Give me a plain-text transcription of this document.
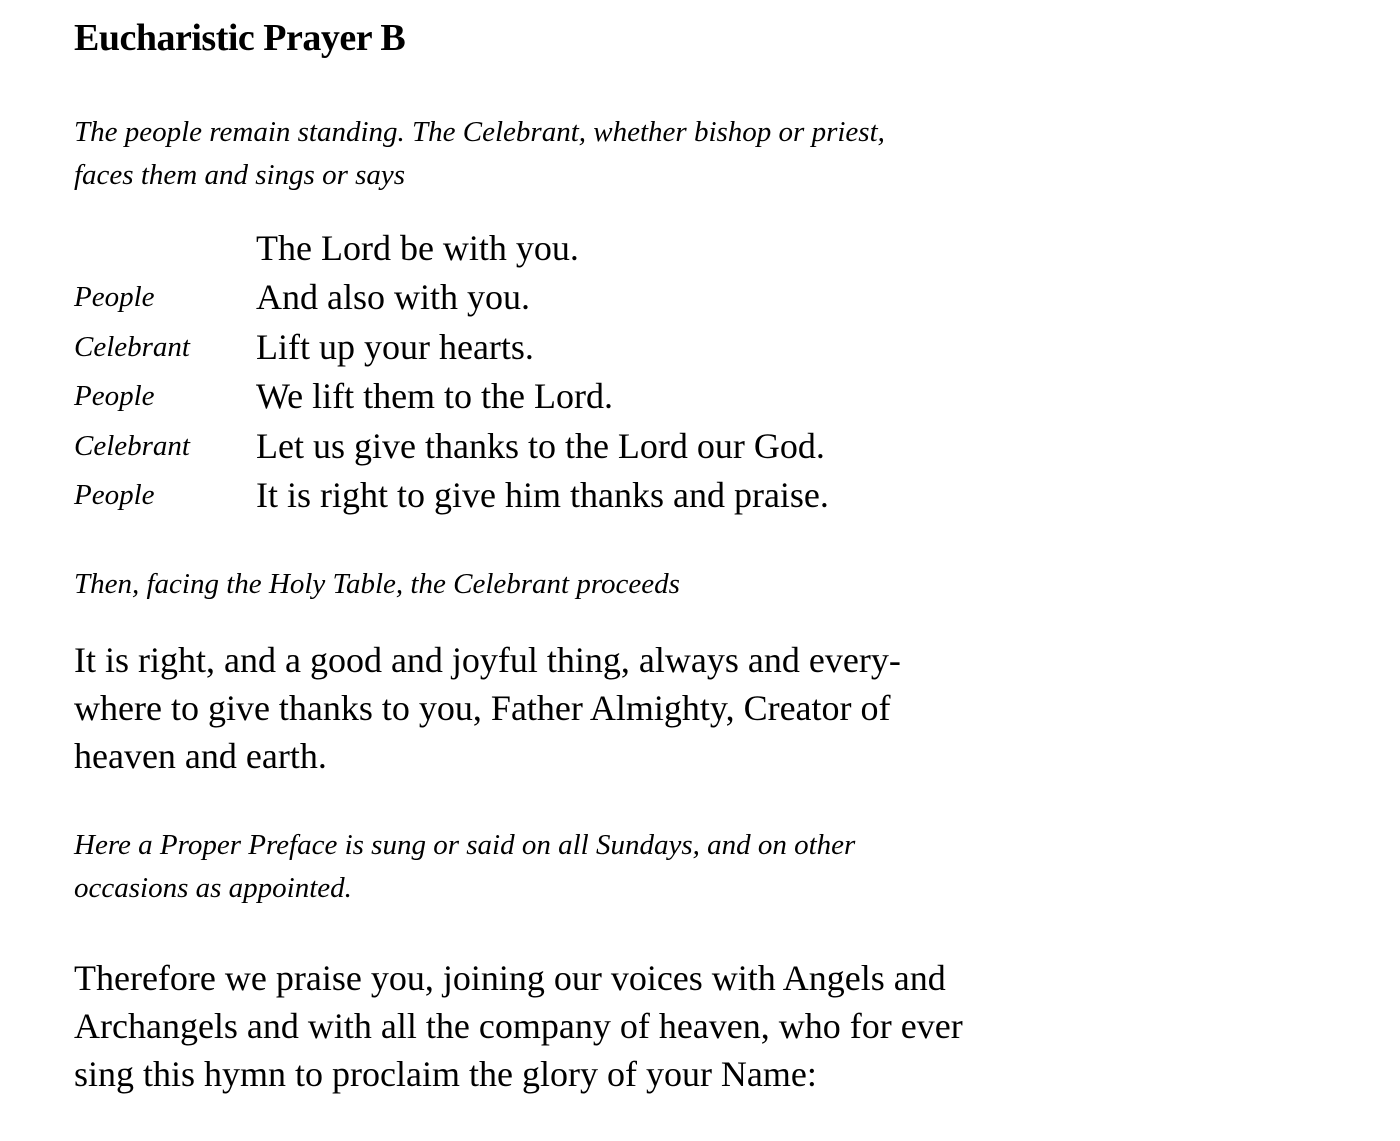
Eucharistic Prayer B
The people remain standing. The Celebrant, whether bishop or priest,
faces them and sings or says
The Lord be with you.
People	And also with you.
Celebrant Lift up your hearts.
People	We lift them to the Lord.
Celebrant Let us give thanks to the Lord our God.
People	It is right to give him thanks and praise.

Then, facing the Holy Table, the Celebrant proceeds

It is right, and a good and joyful thing, always and every-
where to give thanks to you, Father Almighty, Creator of
heaven and earth.
Here a Proper Preface is sung or said on all Sundays, and on other
occasions as appointed.
Therefore we praise you, joining our voices with Angels and
Archangels and with all the company of heaven, who for ever
sing this hymn to proclaim the glory of your Name:
